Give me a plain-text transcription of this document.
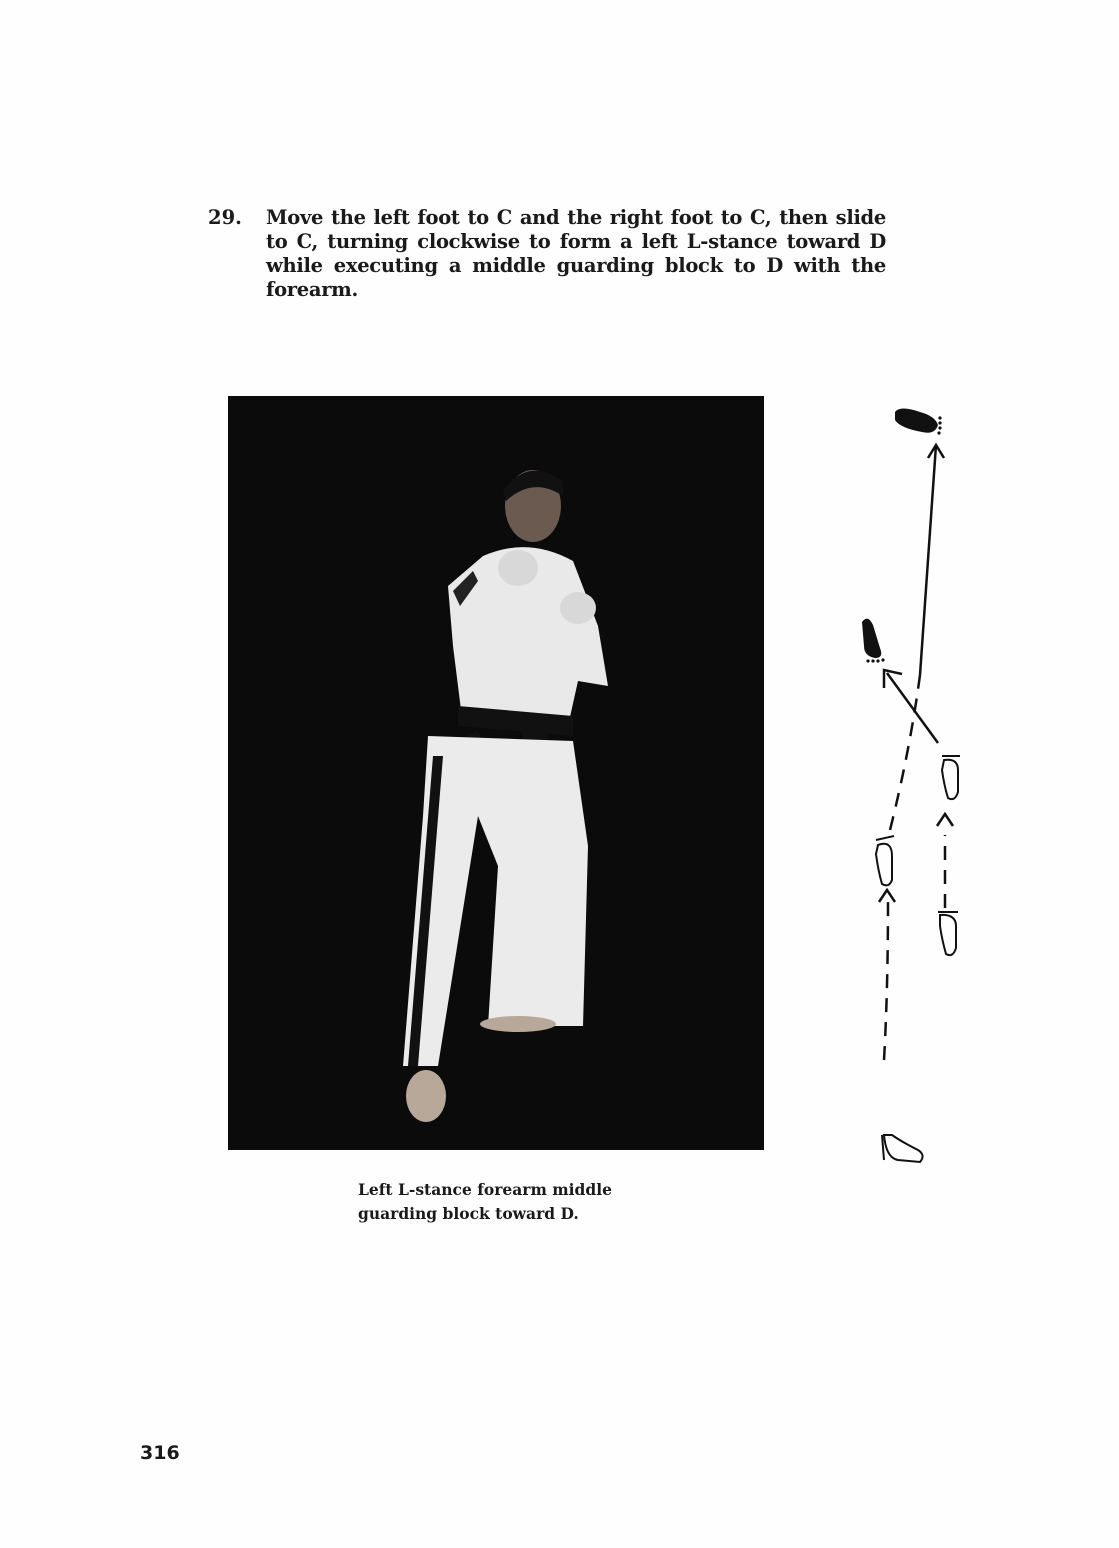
29. Move the left foot to C and the right foot to C, then slide to C, turning clockwise to form a left L-stance toward D while executing a middle guarding block to D with the forearm.
Left L-stance forearm middle
guarding block toward D.
316
